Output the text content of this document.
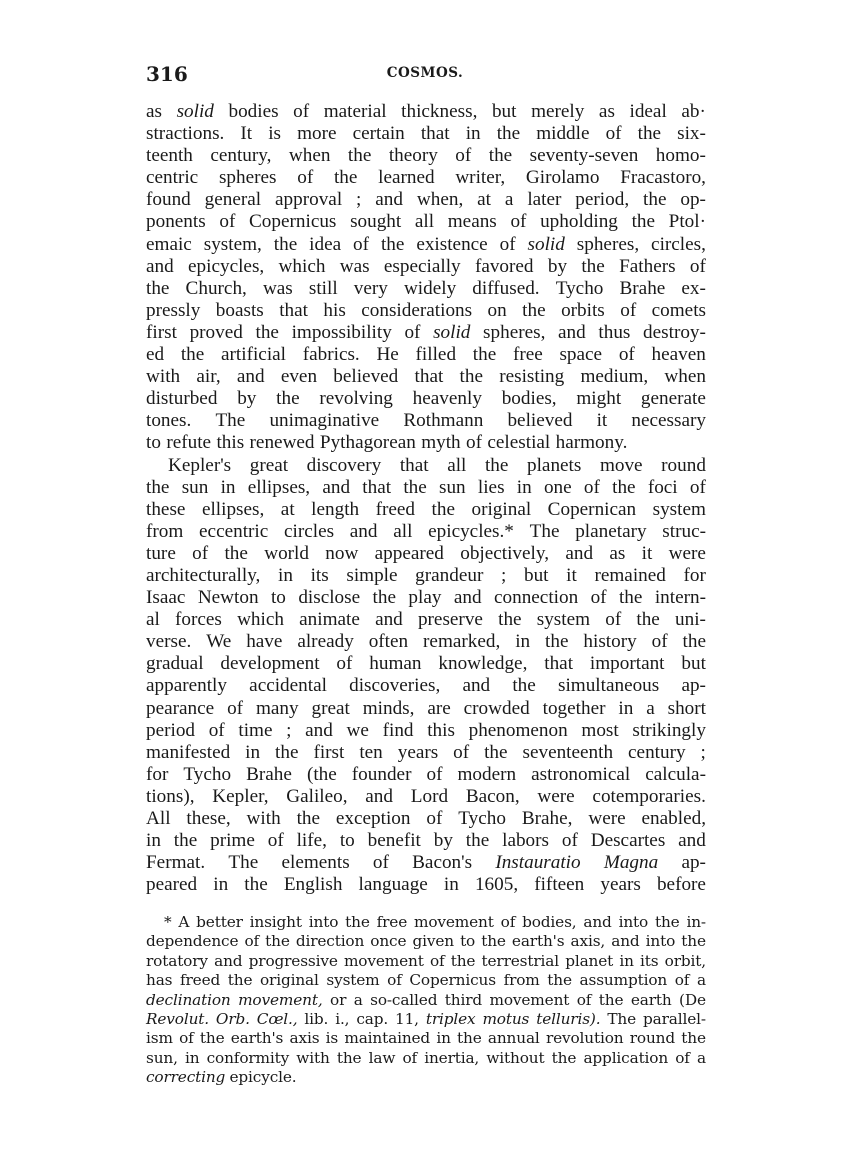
316	COSMOS.
as solid bodies of material thickness, but merely as ideal ab·
stractions. It is more certain that in the middle of the six-
teenth century, when the theory of the seventy-seven homo-
centric spheres of the learned writer, Girolamo Fracastoro,
found general approval ; and when, at a later period, the op-
ponents of Copernicus sought all means of upholding the Ptol·
emaic system, the idea of the existence of solid spheres, circles,
and epicycles, which was especially favored by the Fathers of
the Church, was still very widely diffused. Tycho Brahe ex-
pressly boasts that his considerations on the orbits of comets
first proved the impossibility of solid spheres, and thus destroy-
ed the artificial fabrics. He filled the free space of heaven
with air, and even believed that the resisting medium, when
disturbed by the revolving heavenly bodies, might generate
tones. The unimaginative Rothmann believed it necessary
to refute this renewed Pythagorean myth of celestial harmony.
Kepler's great discovery that all the planets move round
the sun in ellipses, and that the sun lies in one of the foci of
these ellipses, at length freed the original Copernican system
from eccentric circles and all epicycles.* The planetary struc-
ture of the world now appeared objectively, and as it were
architecturally, in its simple grandeur ; but it remained for
Isaac Newton to disclose the play and connection of the intern-
al forces which animate and preserve the system of the uni-
verse. We have already often remarked, in the history of the
gradual development of human knowledge, that important but
apparently accidental discoveries, and the simultaneous ap-
pearance of many great minds, are crowded together in a short
period of time ; and we find this phenomenon most strikingly
manifested in the first ten years of the seventeenth century ;
for Tycho Brahe (the founder of modern astronomical calcula-
tions), Kepler, Galileo, and Lord Bacon, were cotemporaries.
All these, with the exception of Tycho Brahe, were enabled,
in the prime of life, to benefit by the labors of Descartes and
Fermat. The elements of Bacon's Instauratio Magna ap-
peared in the English language in 1605, fifteen years before
* A better insight into the free movement of bodies, and into the in-
dependence of the direction once given to the earth's axis, and into the
rotatory and progressive movement of the terrestrial planet in its orbit,
has freed the original system of Copernicus from the assumption of a
declination movement, or a so-called third movement of the earth (De
Revolut. Orb. Cœl., lib. i., cap. 11, triplex motus telluris). The parallel-
ism of the earth's axis is maintained in the annual revolution round the
sun, in conformity with the law of inertia, without the application of a
correcting epicycle.
